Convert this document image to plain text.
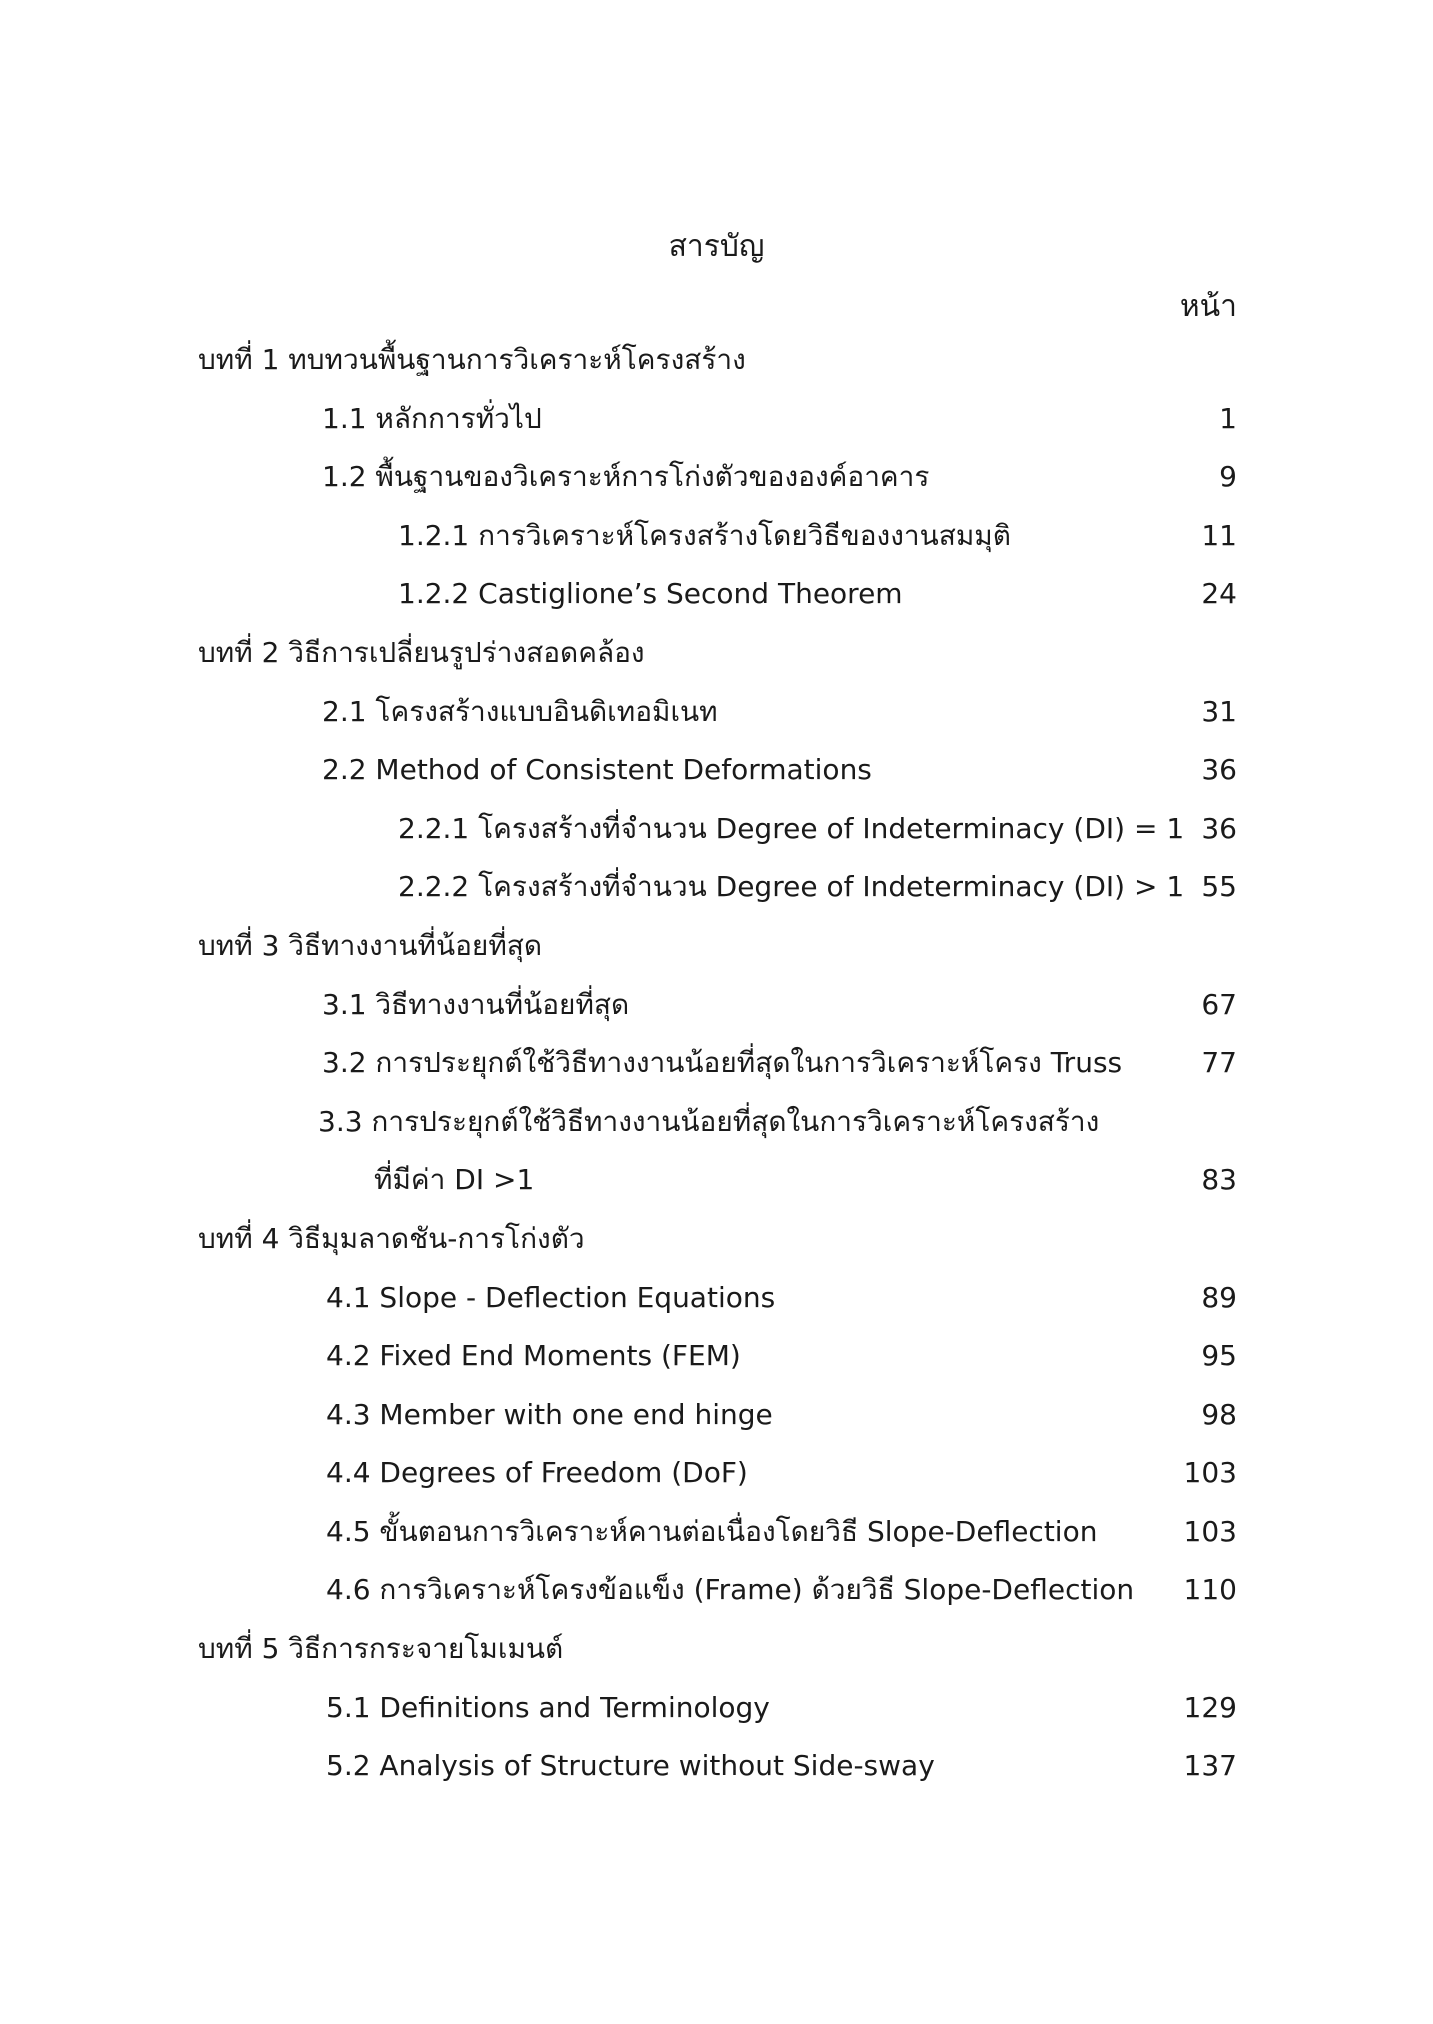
สารบัญ
หน้า
บทที่ 1 ทบทวนพื้นฐานการวิเคราะห์โครงสร้าง
1.1 หลักการทั่วไป	1
1.2 พื้นฐานของวิเคราะห์การโก่งตัวขององค์อาคาร	9
1.2.1 การวิเคราะห์โครงสร้างโดยวิธีของงานสมมุติ	11
1.2.2 Castiglione’s Second Theorem	24
บทที่ 2 วิธีการเปลี่ยนรูปร่างสอดคล้อง
2.1 โครงสร้างแบบอินดิเทอมิเนท	31
2.2 Method of Consistent Deformations	36
2.2.1 โครงสร้างที่จำนวน Degree of Indeterminacy (DI) = 1 36
2.2.2 โครงสร้างที่จำนวน Degree of Indeterminacy (DI) > 1 55
บทที่ 3 วิธีทางงานที่น้อยที่สุด
3.1 วิธีทางงานที่น้อยที่สุด	67
3.2 การประยุกต์ใช้วิธีทางงานน้อยที่สุดในการวิเคราะห์โครง Truss	77
3.3 การประยุกต์ใช้วิธีทางงานน้อยที่สุดในการวิเคราะห์โครงสร้าง
ที่มีค่า DI >1	83
บทที่ 4 วิธีมุมลาดชัน-การโก่งตัว
4.1 Slope - Deflection Equations	89
4.2 Fixed End Moments (FEM)	95
4.3 Member with one end hinge	98
4.4 Degrees of Freedom (DoF)	103
4.5 ขั้นตอนการวิเคราะห์คานต่อเนื่องโดยวิธี Slope-Deflection	103
4.6 การวิเคราะห์โครงข้อแข็ง (Frame) ด้วยวิธี Slope-Deflection 110
บทที่ 5 วิธีการกระจายโมเมนต์
5.1 Definitions and Terminology	129
5.2 Analysis of Structure without Side-sway	137
